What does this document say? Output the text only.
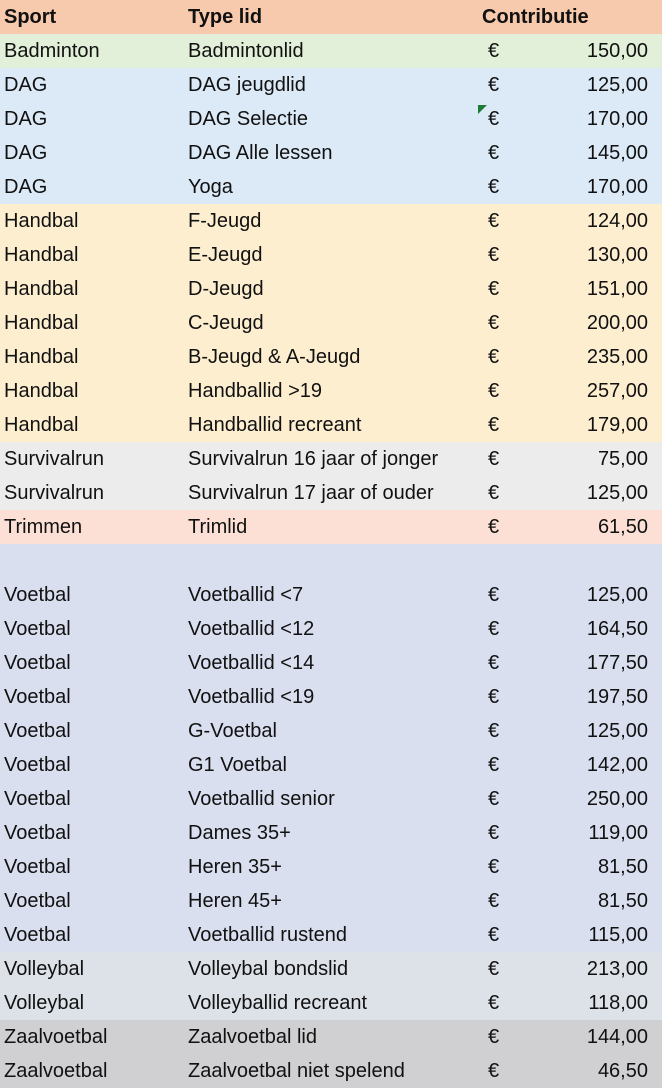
Sport	Type lid	Contributie
Badminton	Badmintonlid	€	150,00
DAG	DAG jeugdlid	€	125,00
DAG	DAG Selectie	€	170,00
DAG	DAG Alle lessen	€	145,00
DAG	Yoga	€	170,00
Handbal	F-Jeugd	€	124,00
Handbal	E-Jeugd	€	130,00
Handbal	D-Jeugd	€	151,00
Handbal	C-Jeugd	€	200,00
Handbal	B-Jeugd & A-Jeugd	€	235,00
Handbal	Handballid >19	€	257,00
Handbal	Handballid recreant	€	179,00
Survivalrun	Survivalrun 16 jaar of jonger	€	75,00
Survivalrun	Survivalrun 17 jaar of ouder	€	125,00
Trimmen	Trimlid	€	61,50
Voetbal	Voetballid <7	€	125,00
Voetbal	Voetballid <12	€	164,50
Voetbal	Voetballid <14	€	177,50
Voetbal	Voetballid <19	€	197,50
Voetbal	G-Voetbal	€	125,00
Voetbal	G1 Voetbal	€	142,00
Voetbal	Voetballid senior	€	250,00
Voetbal	Dames 35+	€	119,00
Voetbal	Heren 35+	€	81,50
Voetbal	Heren 45+	€	81,50
Voetbal	Voetballid rustend	€	115,00
Volleybal	Volleybal bondslid	€	213,00
Volleybal	Volleyballid recreant	€	118,00
Zaalvoetbal	Zaalvoetbal lid	€	144,00
Zaalvoetbal	Zaalvoetbal niet spelend	€	46,50
